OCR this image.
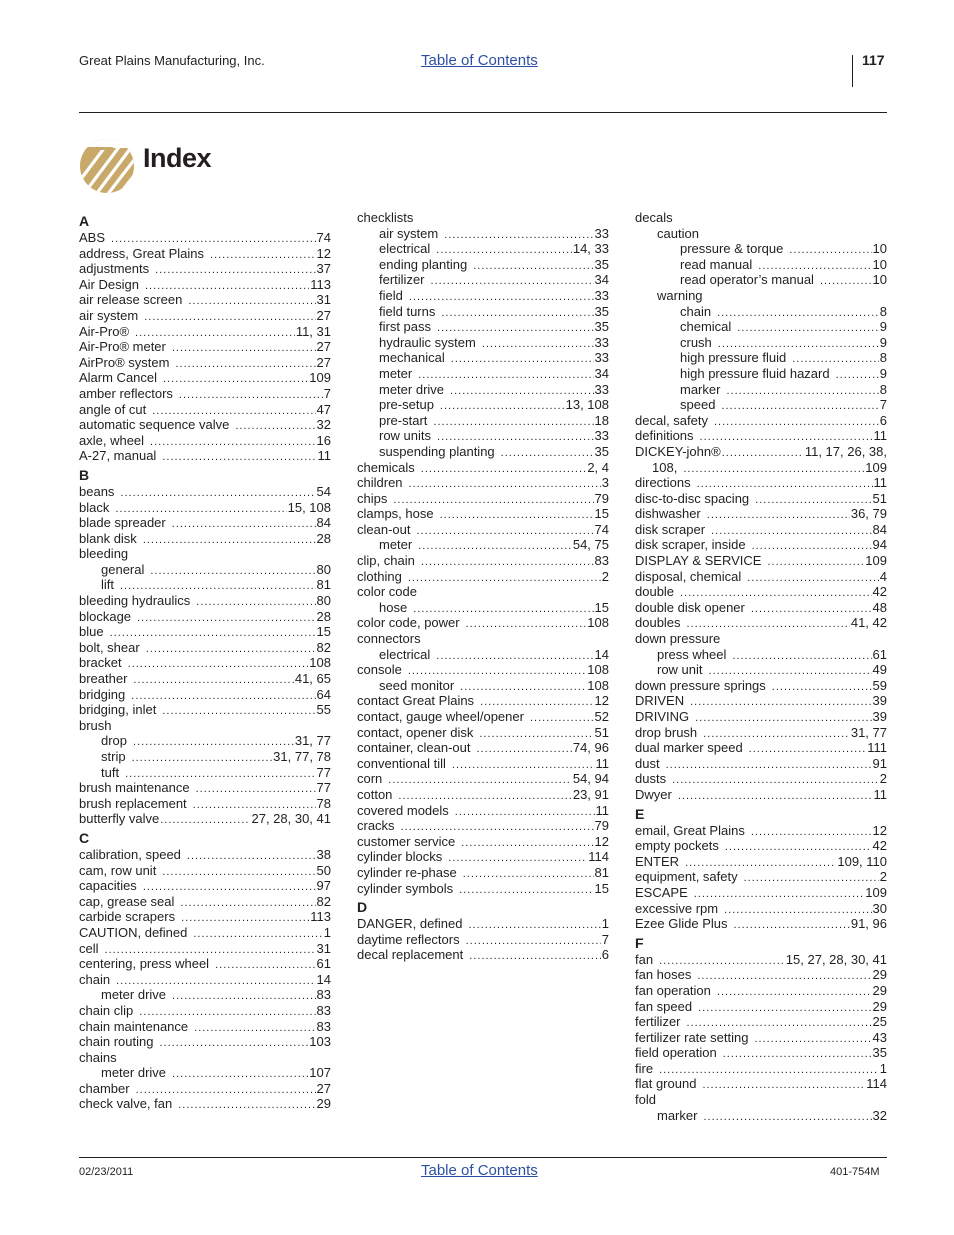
Great Plains Manufacturing, Inc.	Table of Contents	117
Index
A
ABS .....	74
address, Great Plains .....	12
adjustments .....	37
Air Design .....	113
air release screen .....	31
air system .....	27
Air-Pro® .....	11, 31
Air-Pro® meter .....	27
AirPro® system .....	27
Alarm Cancel .....	109
amber reflectors .....	7
angle of cut .....	47
automatic sequence valve .....	32
axle, wheel .....	16
A-27, manual .....	11
B
beans .....	54
black .....	15, 108
blade spreader .....	84
blank disk .....	28
bleeding
general .....	80
lift .....	81
bleeding hydraulics .....	80
blockage .....	28
blue .....	15
bolt, shear .....	82
bracket .....	108
breather .....	41, 65
bridging .....	64
bridging, inlet .....	55
brush
drop .....	31, 77
strip .....	31, 77, 78
tuft .....	77
brush maintenance .....	77
brush replacement .....	78
butterfly valve .....	27, 28, 30, 41
C
calibration, speed .....	38
cam, row unit .....	50
capacities .....	97
cap, grease seal .....	82
carbide scrapers .....	113
CAUTION, defined .....	1
cell .....	31
centering, press wheel .....	61
chain .....	14
meter drive .....	83
chain clip .....	83
chain maintenance .....	83
chain routing .....	103
chains
meter drive .....	107
chamber .....	27
check valve, fan .....	29
checklists
air system .....	33
electrical .....	14, 33
ending planting .....	35
fertilizer .....	34
field .....	33
field turns .....	35
first pass .....	35
hydraulic system .....	33
mechanical .....	33
meter .....	34
meter drive .....	33
pre-setup .....	13, 108
pre-start .....	18
row units .....	33
suspending planting .....	35
chemicals .....	2, 4
children .....	3
chips .....	79
clamps, hose .....	15
clean-out .....	74
meter .....	54, 75
clip, chain .....	83
clothing .....	2
color code
hose .....	15
color code, power .....	108
connectors
electrical .....	14
console .....	108
seed monitor .....	108
contact Great Plains .....	12
contact, gauge wheel/opener .....	52
contact, opener disk .....	51
container, clean-out .....	74, 96
conventional till .....	11
corn .....	54, 94
cotton .....	23, 91
covered models .....	11
cracks .....	79
customer service .....	12
cylinder blocks .....	114
cylinder re-phase .....	81
cylinder symbols .....	15
D
DANGER, defined .....	1
daytime reflectors .....	7
decal replacement .....	6
decals
caution
pressure & torque .....	10
read manual .....	10
read operator’s manual .....	10
warning
chain .....	8
chemical .....	9
crush .....	9
high pressure fluid .....	8
high pressure fluid hazard .....	9
marker .....	8
speed .....	7
decal, safety .....	6
definitions .....	11
DICKEY-john® .....	11, 17, 26, 38,
108, .....	109
directions .....	11
disc-to-disc spacing .....	51
dishwasher .....	36, 79
disk scraper .....	84
disk scraper, inside .....	94
DISPLAY & SERVICE .....	109
disposal, chemical .....	4
double .....	42
double disk opener .....	48
doubles .....	41, 42
down pressure
press wheel .....	61
row unit .....	49
down pressure springs .....	59
DRIVEN .....	39
DRIVING .....	39
drop brush .....	31, 77
dual marker speed .....	111
dust .....	91
dusts .....	2
Dwyer .....	11
E
email, Great Plains .....	12
empty pockets .....	42
ENTER .....	109, 110
equipment, safety .....	2
ESCAPE .....	109
excessive rpm .....	30
Ezee Glide Plus .....	91, 96
F
fan .....	15, 27, 28, 30, 41
fan hoses .....	29
fan operation .....	29
fan speed .....	29
fertilizer .....	25
fertilizer rate setting .....	43
field operation .....	35
fire .....	1
flat ground .....	114
fold
marker .....	32
02/23/2011	Table of Contents	401-754M
